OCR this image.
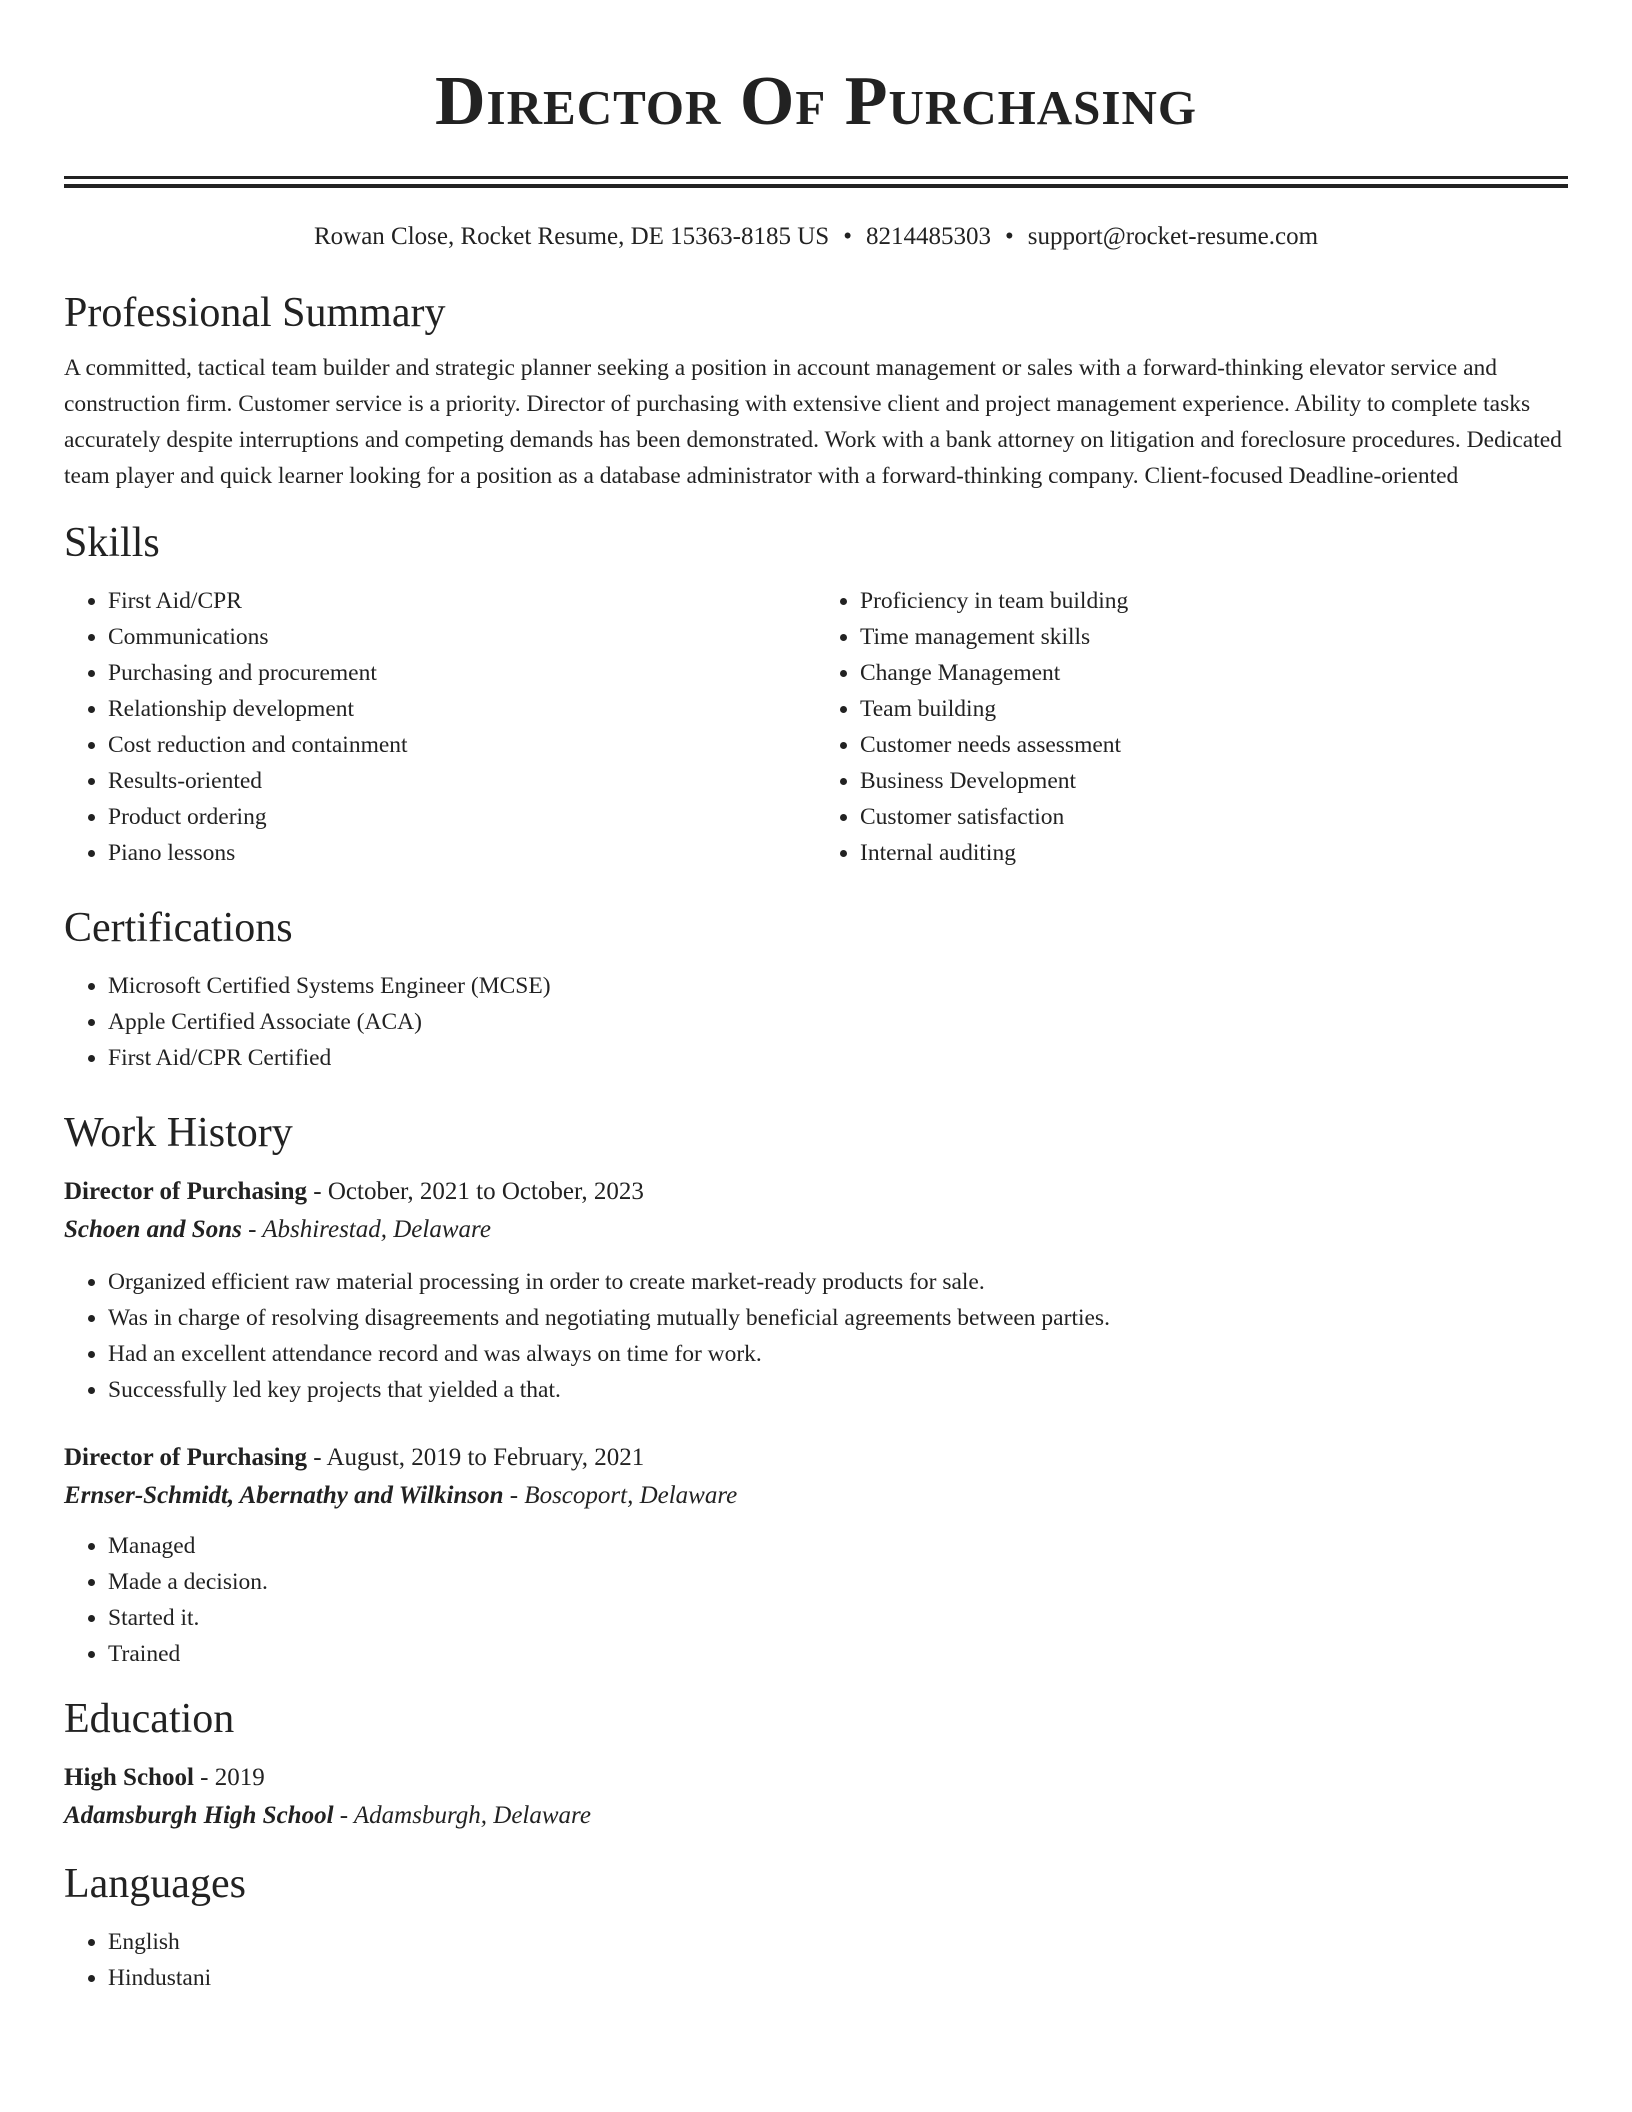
Director Of Purchasing
Rowan Close, Rocket Resume, DE 15363-8185 US • 8214485303 • support@rocket-resume.com
Professional Summary

A committed, tactical team builder and strategic planner seeking a position in account management or sales with a forward-thinking elevator service and construction firm. Customer service is a priority. Director of purchasing with extensive client and project management experience. Ability to complete tasks accurately despite interruptions and competing demands has been demonstrated. Work with a bank attorney on litigation and foreclosure procedures. Dedicated team player and quick learner looking for a position as a database administrator with a forward-thinking company. Client-focused Deadline-oriented

Skills
• First Aid/CPR
• Communications
• Purchasing and procurement
• Relationship development
• Cost reduction and containment
• Results-oriented
• Product ordering
• Piano lessons
• Proficiency in team building
• Time management skills
• Change Management
• Team building
• Customer needs assessment
• Business Development
• Customer satisfaction
• Internal auditing
Certifications
• Microsoft Certified Systems Engineer (MCSE)
• Apple Certified Associate (ACA)
• First Aid/CPR Certified
Work History
Director of Purchasing - October, 2021 to October, 2023
Schoen and Sons - Abshirestad, Delaware
• Organized efficient raw material processing in order to create market-ready products for sale.
• Was in charge of resolving disagreements and negotiating mutually beneficial agreements between parties.
• Had an excellent attendance record and was always on time for work.
• Successfully led key projects that yielded a that.
Director of Purchasing - August, 2019 to February, 2021
Ernser-Schmidt, Abernathy and Wilkinson - Boscoport, Delaware
• Managed
• Made a decision.
• Started it.
• Trained
Education
High School - 2019
Adamsburgh High School - Adamsburgh, Delaware
Languages
• English
• Hindustani
